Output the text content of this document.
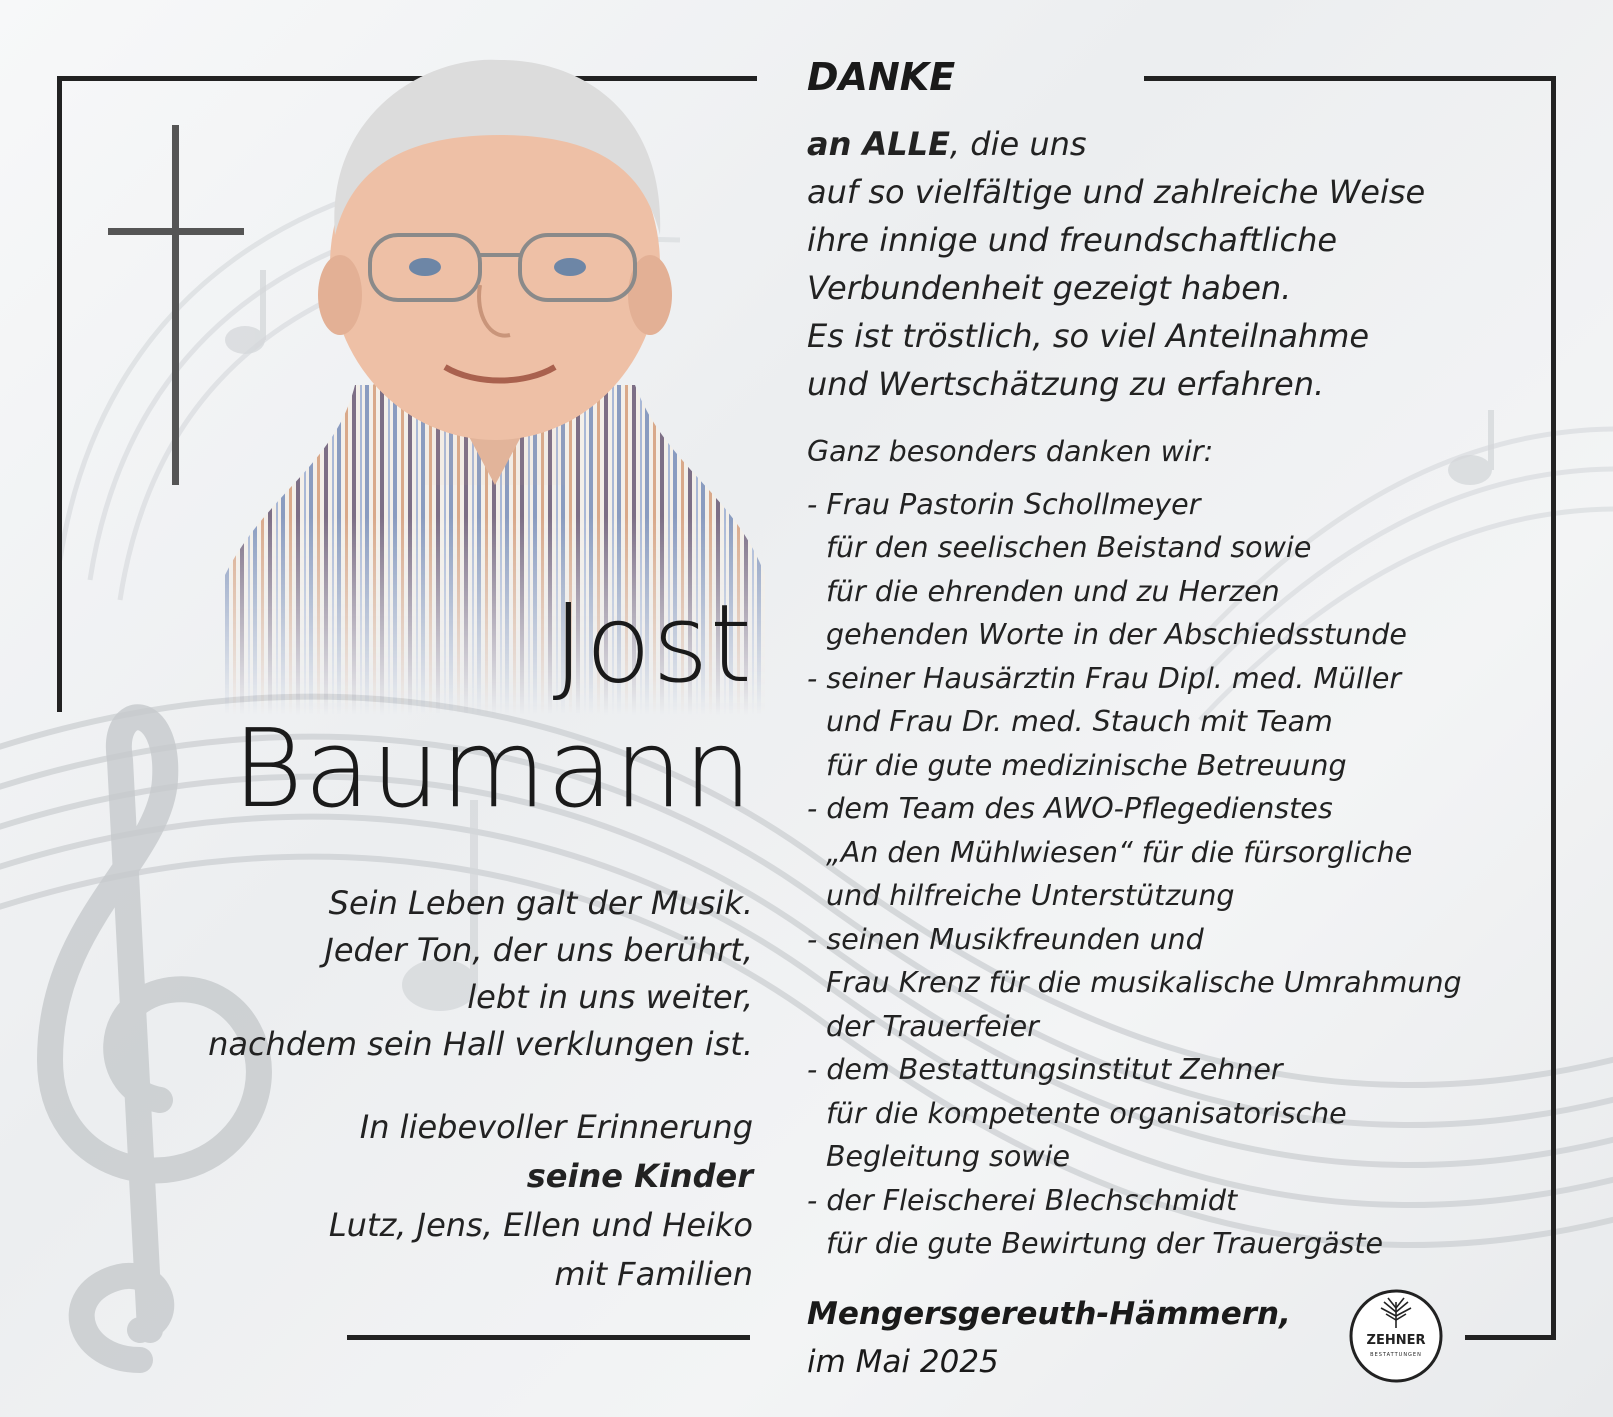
Jost
Baumann
Sein Leben galt der Musik.
Jeder Ton, der uns berührt,
lebt in uns weiter,
nachdem sein Hall verklungen ist.
In liebevoller Erinnerung
seine Kinder
Lutz, Jens, Ellen und Heiko
mit Familien
DANKE
an ALLE, die uns
auf so vielfältige und zahlreiche Weise
ihre innige und freundschaftliche
Verbundenheit gezeigt haben.
Es ist tröstlich, so viel Anteilnahme
und Wertschätzung zu erfahren.
Ganz besonders danken wir:
- Frau Pastorin Schollmeyer
für den seelischen Beistand sowie
für die ehrenden und zu Herzen
gehenden Worte in der Abschiedsstunde
- seiner Hausärztin Frau Dipl. med. Müller
und Frau Dr. med. Stauch mit Team
für die gute medizinische Betreuung
- dem Team des AWO-Pflegedienstes
„An den Mühlwiesen“ für die fürsorgliche
und hilfreiche Unterstützung
- seinen Musikfreunden und
Frau Krenz für die musikalische Umrahmung
der Trauerfeier
- dem Bestattungsinstitut Zehner
für die kompetente organisatorische
Begleitung sowie
- der Fleischerei Blechschmidt
für die gute Bewirtung der Trauergäste
Mengersgereuth-Hämmern,
im Mai 2025
ZEHNER
BESTATTUNGEN
